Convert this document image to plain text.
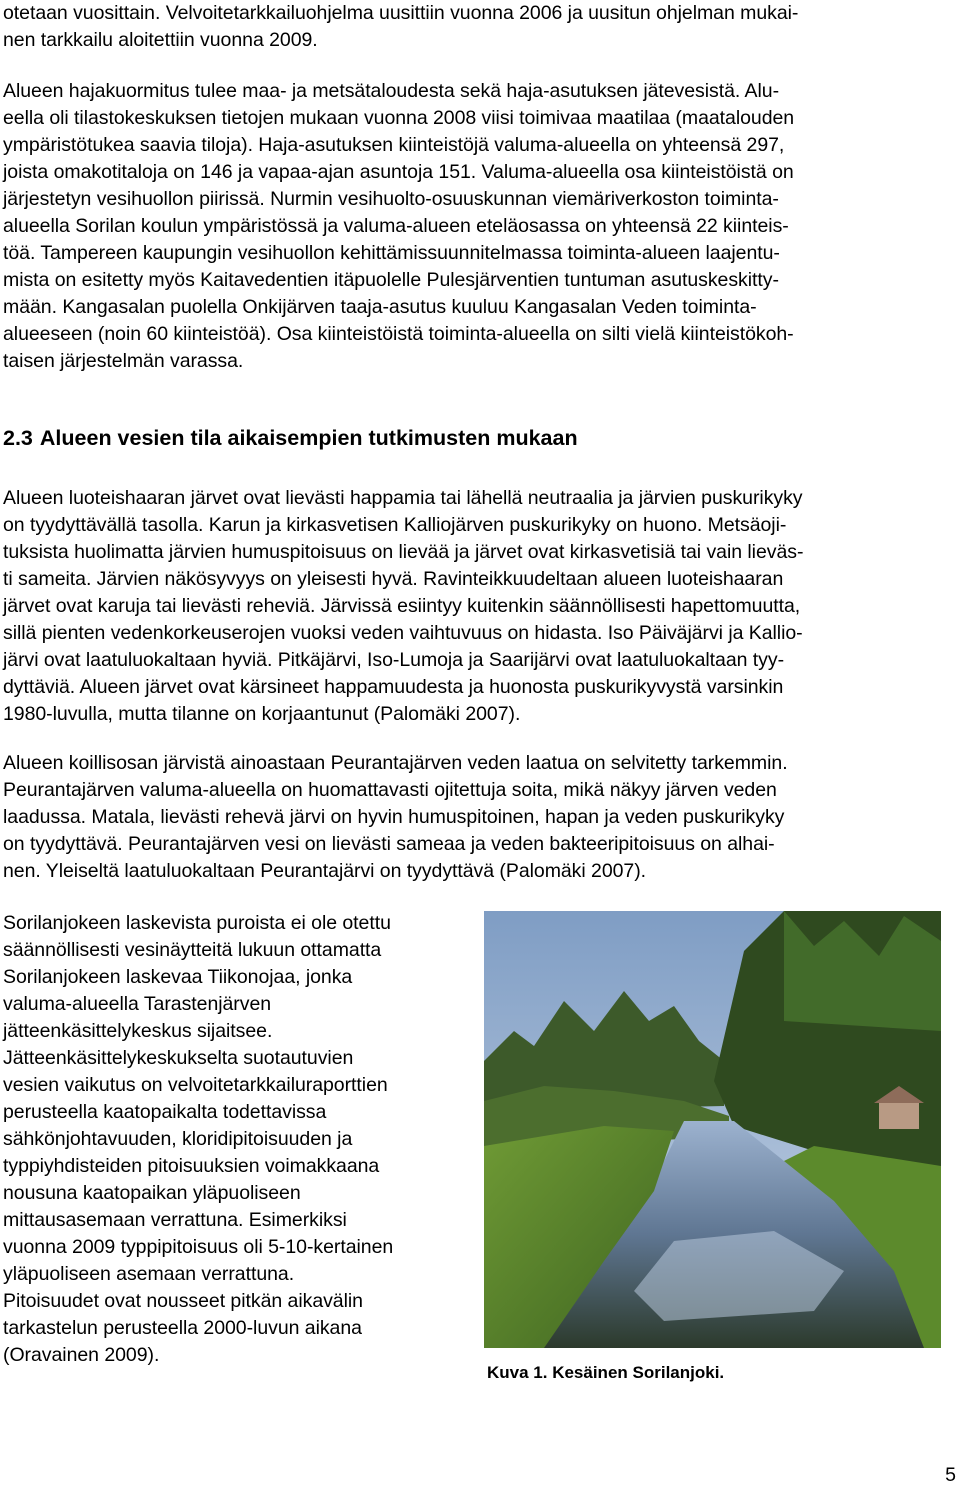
otetaan vuosittain. Velvoitetarkkailuohjelma uusittiin vuonna 2006 ja uusitun ohjelman mukai-
nen tarkkailu aloitettiin vuonna 2009.
Alueen hajakuormitus tulee maa- ja metsätaloudesta sekä haja-asutuksen jätevesistä. Alu-
eella oli tilastokeskuksen tietojen mukaan vuonna 2008 viisi toimivaa maatilaa (maatalouden
ympäristötukea saavia tiloja). Haja-asutuksen kiinteistöjä valuma-alueella on yhteensä 297,
joista omakotitaloja on 146 ja vapaa-ajan asuntoja 151. Valuma-alueella osa kiinteistöistä on
järjestetyn vesihuollon piirissä. Nurmin vesihuolto-osuuskunnan viemäriverkoston toiminta-
alueella Sorilan koulun ympäristössä ja valuma-alueen eteläosassa on yhteensä 22 kiinteis-
töä. Tampereen kaupungin vesihuollon kehittämissuunnitelmassa toiminta-alueen laajentu-
mista on esitetty myös Kaitavedentien itäpuolelle Pulesjärventien tuntuman asutuskeskitty-
mään. Kangasalan puolella Onkijärven taaja-asutus kuuluu Kangasalan Veden toiminta-
alueeseen (noin 60 kiinteistöä). Osa kiinteistöistä toiminta-alueella on silti vielä kiinteistökoh-
taisen järjestelmän varassa.
2.3 Alueen vesien tila aikaisempien tutkimusten mukaan
Alueen luoteishaaran järvet ovat lievästi happamia tai lähellä neutraalia ja järvien puskurikyky
on tyydyttävällä tasolla. Karun ja kirkasvetisen Kalliojärven puskurikyky on huono. Metsäoji-
tuksista huolimatta järvien humuspitoisuus on lievää ja järvet ovat kirkasvetisiä tai vain lieväs-
ti sameita. Järvien näkösyvyys on yleisesti hyvä. Ravinteikkuudeltaan alueen luoteishaaran
järvet ovat karuja tai lievästi reheviä. Järvissä esiintyy kuitenkin säännöllisesti hapettomuutta,
sillä pienten vedenkorkeuserojen vuoksi veden vaihtuvuus on hidasta. Iso Päiväjärvi ja Kallio-
järvi ovat laatuluokaltaan hyviä. Pitkäjärvi, Iso-Lumoja ja Saarijärvi ovat laatuluokaltaan tyy-
dyttäviä. Alueen järvet ovat kärsineet happamuudesta ja huonosta puskurikyvystä varsinkin
1980-luvulla, mutta tilanne on korjaantunut (Palomäki 2007).
Alueen koillisosan järvistä ainoastaan Peurantajärven veden laatua on selvitetty tarkemmin.
Peurantajärven valuma-alueella on huomattavasti ojitettuja soita, mikä näkyy järven veden
laadussa. Matala, lievästi rehevä järvi on hyvin humuspitoinen, hapan ja veden puskurikyky
on tyydyttävä. Peurantajärven vesi on lievästi sameaa ja veden bakteeripitoisuus on alhai-
nen. Yleiseltä laatuluokaltaan Peurantajärvi on tyydyttävä (Palomäki 2007).
Sorilanjokeen laskevista puroista ei ole otettu
säännöllisesti vesinäytteitä lukuun ottamatta
Sorilanjokeen laskevaa Tiikonojaa, jonka
valuma-alueella Tarastenjärven
jätteenkäsittelykeskus sijaitsee.
Jätteenkäsittelykeskukselta suotautuvien
vesien vaikutus on velvoitetarkkailuraporttien
perusteella kaatopaikalta todettavissa
sähkönjohtavuuden, kloridipitoisuuden ja
typpiyhdisteiden pitoisuuksien voimakkaana
nousuna kaatopaikan yläpuoliseen
mittausasemaan verrattuna. Esimerkiksi
vuonna 2009 typpipitoisuus oli 5-10-kertainen
yläpuoliseen asemaan verrattuna.
Pitoisuudet ovat nousseet pitkän aikavälin
tarkastelun perusteella 2000-luvun aikana
(Oravainen 2009).
Kuva 1. Kesäinen Sorilanjoki.
5
